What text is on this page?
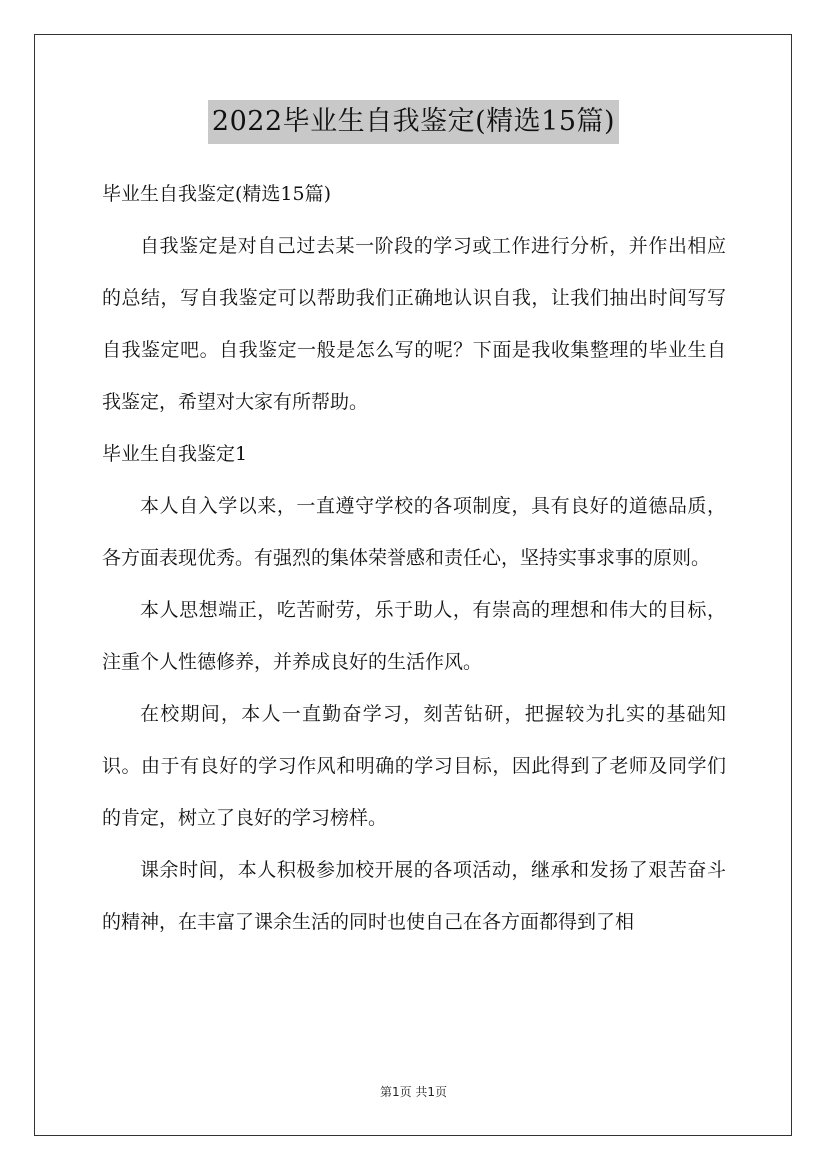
2022毕业生自我鉴定(精选15篇)

毕业生自我鉴定(精选15篇)

自我鉴定是对自己过去某一阶段的学习或工作进行分析，并作出相应的总结，写自我鉴定可以帮助我们正确地认识自我，让我们抽出时间写写自我鉴定吧。自我鉴定一般是怎么写的呢？下面是我收集整理的毕业生自我鉴定，希望对大家有所帮助。

毕业生自我鉴定1

本人自入学以来，一直遵守学校的各项制度，具有良好的道德品质，各方面表现优秀。有强烈的集体荣誉感和责任心，坚持实事求事的原则。

本人思想端正，吃苦耐劳，乐于助人，有崇高的理想和伟大的目标，注重个人性德修养，并养成良好的生活作风。

在校期间，本人一直勤奋学习，刻苦钻研，把握较为扎实的基础知识。由于有良好的学习作风和明确的学习目标，因此得到了老师及同学们的肯定，树立了良好的学习榜样。

课余时间，本人积极参加校开展的各项活动，继承和发扬了艰苦奋斗的精神，在丰富了课余生活的同时也使自己在各方面都得到了相

第1页 共1页
